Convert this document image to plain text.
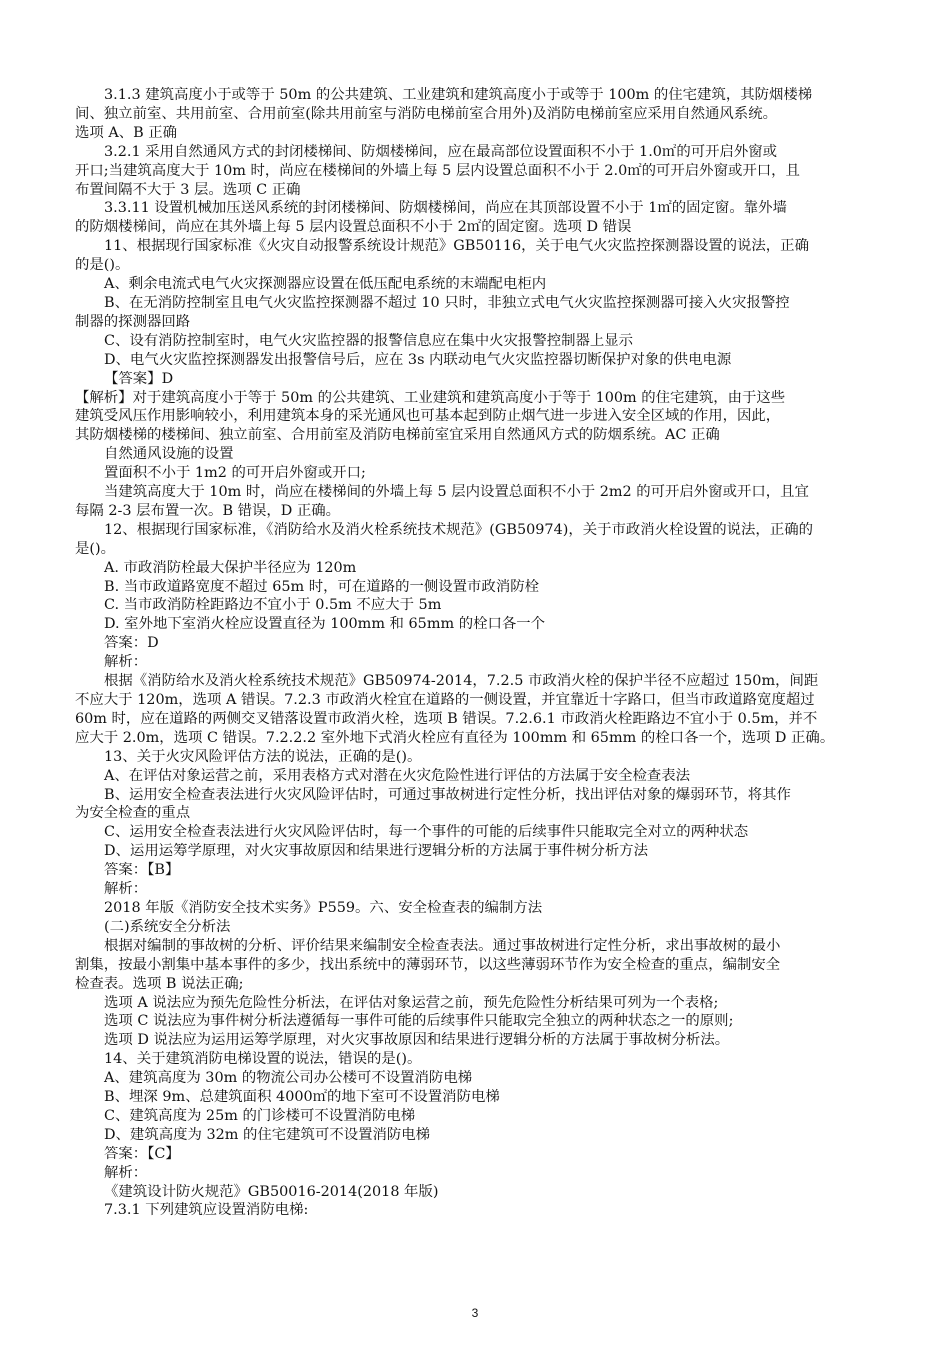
3.1.3 建筑高度小于或等于 50m 的公共建筑、工业建筑和建筑高度小于或等于 100m 的住宅建筑，其防烟楼梯
间、独立前室、共用前室、合用前室(除共用前室与消防电梯前室合用外)及消防电梯前室应采用自然通风系统。
选项 A、B 正确
3.2.1 采用自然通风方式的封闭楼梯间、防烟楼梯间，应在最高部位设置面积不小于 1.0㎡的可开启外窗或
开口;当建筑高度大于 10m 时，尚应在楼梯间的外墙上每 5 层内设置总面积不小于 2.0㎡的可开启外窗或开口，且
布置间隔不大于 3 层。选项 C 正确
3.3.11 设置机械加压送风系统的封闭楼梯间、防烟楼梯间，尚应在其顶部设置不小于 1㎡的固定窗。靠外墙
的防烟楼梯间，尚应在其外墙上每 5 层内设置总面积不小于 2㎡的固定窗。选项 D 错误
11、根据现行国家标准《火灾自动报警系统设计规范》GB50116，关于电气火灾监控探测器设置的说法，正确
的是()。
A、剩余电流式电气火灾探测器应设置在低压配电系统的末端配电柜内
B、在无消防控制室且电气火灾监控探测器不超过 10 只时，非独立式电气火灾监控探测器可接入火灾报警控
制器的探测器回路
C、设有消防控制室时，电气火灾监控器的报警信息应在集中火灾报警控制器上显示
D、电气火灾监控探测器发出报警信号后，应在 3s 内联动电气火灾监控器切断保护对象的供电电源
【答案】D
【解析】对于建筑高度小于等于 50m 的公共建筑、工业建筑和建筑高度小于等于 100m 的住宅建筑，由于这些
建筑受风压作用影响较小，利用建筑本身的采光通风也可基本起到防止烟气进一步进入安全区域的作用，因此，
其防烟楼梯的楼梯间、独立前室、合用前室及消防电梯前室宜采用自然通风方式的防烟系统。AC 正确
自然通风设施的设置
置面积不小于 1m2 的可开启外窗或开口;
当建筑高度大于 10m 时，尚应在楼梯间的外墙上每 5 层内设置总面积不小于 2m2 的可开启外窗或开口，且宜
每隔 2-3 层布置一次。B 错误，D 正确。
12、根据现行国家标准，《消防给水及消火栓系统技术规范》(GB50974)，关于市政消火栓设置的说法，正确的
是()。
A. 市政消防栓最大保护半径应为 120m
B. 当市政道路宽度不超过 65m 时，可在道路的一侧设置市政消防栓
C. 当市政消防栓距路边不宜小于 0.5m 不应大于 5m
D. 室外地下室消火栓应设置直径为 100mm 和 65mm 的栓口各一个
答案：D
解析：
根据《消防给水及消火栓系统技术规范》GB50974-2014，7.2.5 市政消火栓的保护半径不应超过 150m，间距
不应大于 120m，选项 A 错误。7.2.3 市政消火栓宜在道路的一侧设置，并宜靠近十字路口，但当市政道路宽度超过
60m 时，应在道路的两侧交叉错落设置市政消火栓，选项 B 错误。7.2.6.1 市政消火栓距路边不宜小于 0.5m，并不
应大于 2.0m，选项 C 错误。7.2.2.2 室外地下式消火栓应有直径为 100mm 和 65mm 的栓口各一个，选项 D 正确。
13、关于火灾风险评估方法的说法，正确的是()。
A、在评估对象运营之前，采用表格方式对潜在火灾危险性进行评估的方法属于安全检查表法
B、运用安全检查表法进行火灾风险评估时，可通过事故树进行定性分析，找出评估对象的爆弱环节，将其作
为安全检查的重点
C、运用安全检查表法进行火灾风险评估时，每一个事件的可能的后续事件只能取完全对立的两种状态
D、运用运筹学原理，对火灾事故原因和结果进行逻辑分析的方法属于事件树分析方法
答案：【B】
解析：
2018 年版《消防安全技术实务》P559。六、安全检查表的编制方法
(二)系统安全分析法
根据对编制的事故树的分析、评价结果来编制安全检查表法。通过事故树进行定性分析，求出事故树的最小
割集，按最小割集中基本事件的多少，找出系统中的薄弱环节，以这些薄弱环节作为安全检查的重点，编制安全
检查表。选项 B 说法正确;
选项 A 说法应为预先危险性分析法，在评估对象运营之前，预先危险性分析结果可列为一个表格;
选项 C 说法应为事件树分析法遵循每一事件可能的后续事件只能取完全独立的两种状态之一的原则;
选项 D 说法应为运用运筹学原理，对火灾事故原因和结果进行逻辑分析的方法属于事故树分析法。
14、关于建筑消防电梯设置的说法，错误的是()。
A、建筑高度为 30m 的物流公司办公楼可不设置消防电梯
B、埋深 9m、总建筑面积 4000㎡的地下室可不设置消防电梯
C、建筑高度为 25m 的门诊楼可不设置消防电梯
D、建筑高度为 32m 的住宅建筑可不设置消防电梯
答案：【C】
解析：
《建筑设计防火规范》GB50016-2014(2018 年版)
7.3.1 下列建筑应设置消防电梯:
3
